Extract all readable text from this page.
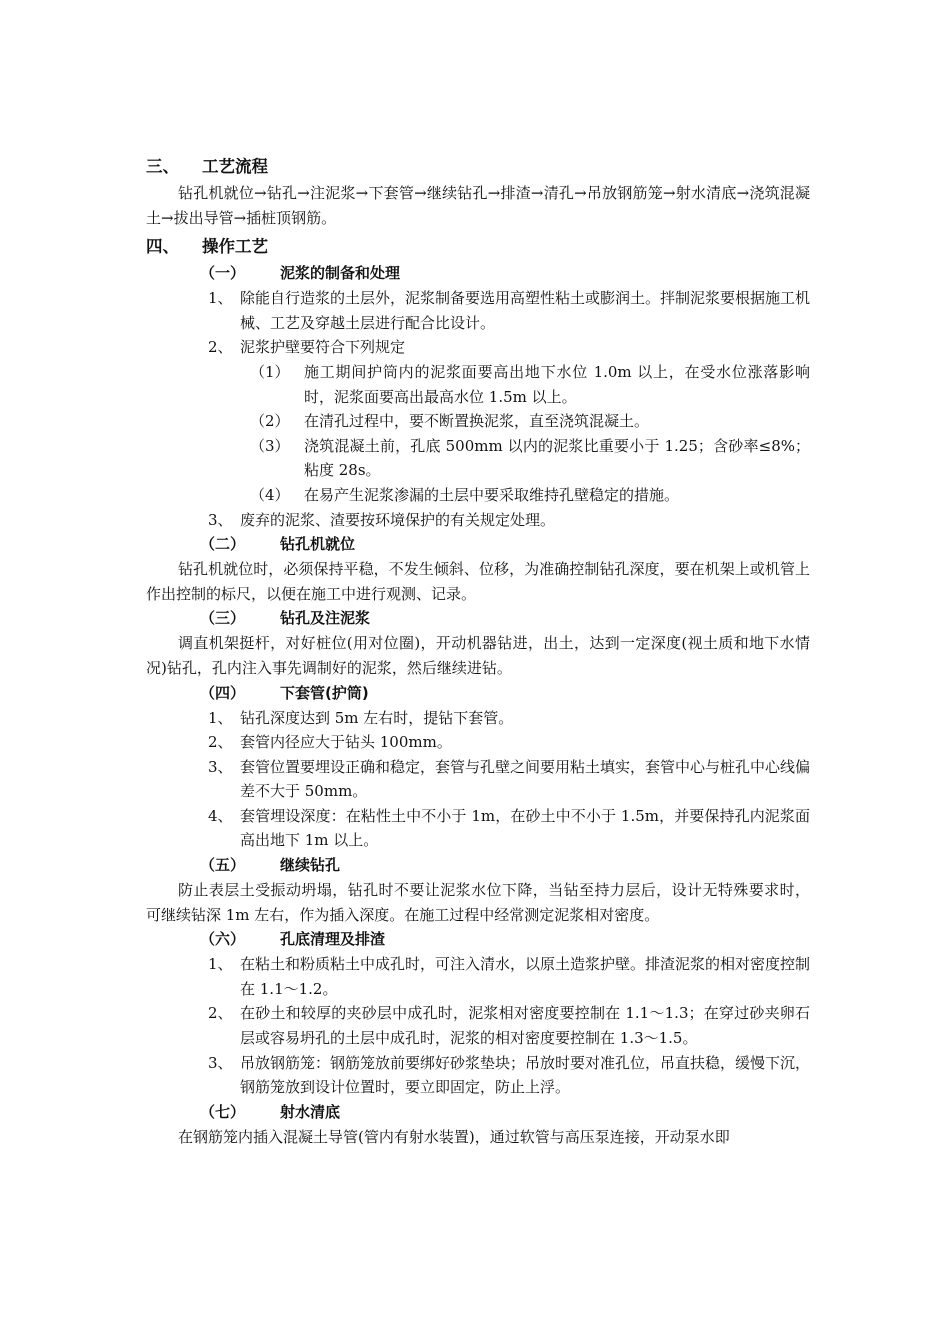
三、	工艺流程
钻孔机就位→钻孔→注泥浆→下套管→继续钻孔→排渣→清孔→吊放钢筋笼→射水清底→浇筑混凝土→拔出导管→插桩顶钢筋。
四、	操作工艺
（一）	泥浆的制备和处理
1、 除能自行造浆的土层外，泥浆制备要选用高塑性粘土或膨润土。拌制泥浆要根据施工机械、工艺及穿越土层进行配合比设计。
2、 泥浆护壁要符合下列规定
（1） 施工期间护筒内的泥浆面要高出地下水位 1.0m 以上，在受水位涨落影响时，泥浆面要高出最高水位 1.5m 以上。
（2） 在清孔过程中，要不断置换泥浆，直至浇筑混凝土。
（3） 浇筑混凝土前，孔底 500mm 以内的泥浆比重要小于 1.25；含砂率≤8%；粘度 28s。
（4） 在易产生泥浆渗漏的土层中要采取维持孔壁稳定的措施。
3、 废弃的泥浆、渣要按环境保护的有关规定处理。
（二）	钻孔机就位
钻孔机就位时，必须保持平稳，不发生倾斜、位移，为准确控制钻孔深度，要在机架上或机管上作出控制的标尺，以便在施工中进行观测、记录。
（三）	钻孔及注泥浆
调直机架挺杆，对好桩位(用对位圈)，开动机器钻进，出土，达到一定深度(视土质和地下水情况)钻孔，孔内注入事先调制好的泥浆，然后继续进钻。
（四）	下套管(护筒)
1、 钻孔深度达到 5m 左右时，提钻下套管。
2、 套管内径应大于钻头 100mm。
3、 套管位置要埋设正确和稳定，套管与孔壁之间要用粘土填实，套管中心与桩孔中心线偏差不大于 50mm。
4、 套管埋设深度：在粘性土中不小于 1m，在砂土中不小于 1.5m，并要保持孔内泥浆面高出地下 1m 以上。
（五）	继续钻孔
防止表层土受振动坍塌，钻孔时不要让泥浆水位下降，当钻至持力层后，设计无特殊要求时， 可继续钻深 1m 左右，作为插入深度。在施工过程中经常测定泥浆相对密度。
（六）	孔底清理及排渣
1、 在粘土和粉质粘土中成孔时，可注入清水，以原土造浆护壁。排渣泥浆的相对密度控制在 1.1～1.2。
2、 在砂土和较厚的夹砂层中成孔时，泥浆相对密度要控制在 1.1～1.3；在穿过砂夹卵石层或容易坍孔的土层中成孔时，泥浆的相对密度要控制在 1.3～1.5。
3、 吊放钢筋笼：钢筋笼放前要绑好砂浆垫块；吊放时要对准孔位，吊直扶稳，缓慢下沉，钢筋笼放到设计位置时，要立即固定，防止上浮。
（七）	射水清底
在钢筋笼内插入混凝土导管(管内有射水装置)，通过软管与高压泵连接，开动泵水即
